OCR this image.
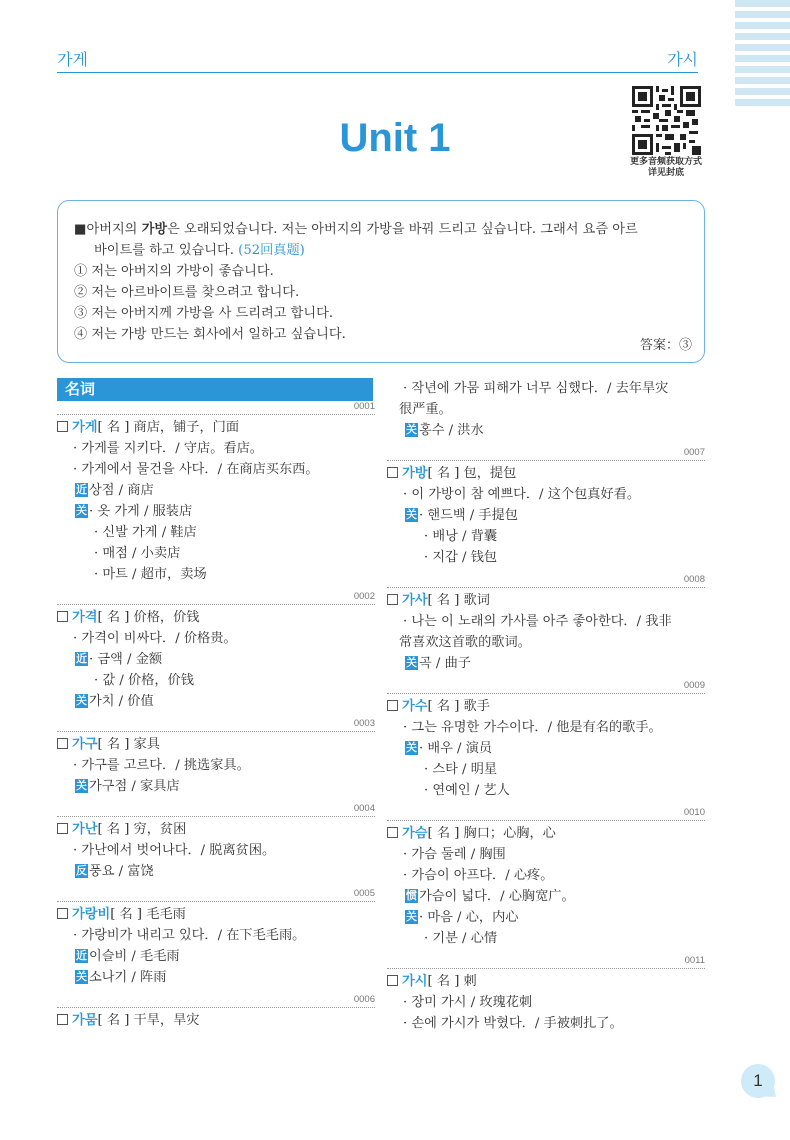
가게	가시
Unit 1
更多音频获取方式
详见封底

■아버지의 가방은 오래되었습니다. 저는 아버지의 가방을 바꿔 드리고 싶습니다. 그래서 요즘 아르

바이트를 하고 있습니다. (52回真题)

① 저는 아버지의 가방이 좋습니다.

② 저는 아르바이트를 찾으려고 합니다.

③ 저는 아버지께 가방을 사 드리려고 합니다.

④ 저는 가방 만드는 회사에서 일하고 싶습니다.

答案：③
名词
0001
가게[ 名 ] 商店，铺子，门面
· 가게를 지키다．/ 守店。看店。
· 가게에서 물건을 사다．/ 在商店买东西。
近 상점 / 商店
关 · 옷 가게 / 服装店
· 신발 가게 / 鞋店
· 매점 / 小卖店
· 마트 / 超市，卖场
0002
가격[ 名 ] 价格，价钱
· 가격이 비싸다．/ 价格贵。
近 · 금액 / 金额
· 값 / 价格，价钱
关 가치 / 价值
0003
가구[ 名 ] 家具
· 가구를 고르다．/ 挑选家具。
关 가구점 / 家具店
0004
가난[ 名 ] 穷，贫困
· 가난에서 벗어나다．/ 脱离贫困。
反 풍요 / 富饶
0005
가랑비[ 名 ] 毛毛雨
· 가랑비가 내리고 있다．/ 在下毛毛雨。
近 이슬비 / 毛毛雨
关 소나기 / 阵雨
0006
가뭄[ 名 ] 干旱，旱灾
· 작년에 가뭄 피해가 너무 심했다．/ 去年旱灾
很严重。
关 홍수 / 洪水
0007
가방[ 名 ] 包，提包
· 이 가방이 참 예쁘다．/ 这个包真好看。
关 · 핸드백 / 手提包
· 배낭 / 背囊
· 지갑 / 钱包
0008
가사[ 名 ] 歌词
· 나는 이 노래의 가사를 아주 좋아한다．/ 我非
常喜欢这首歌的歌词。
关 곡 / 曲子
0009
가수[ 名 ] 歌手
· 그는 유명한 가수이다．/ 他是有名的歌手。
关 · 배우 / 演员
· 스타 / 明星
· 연예인 / 艺人
0010
가슴[ 名 ] 胸口；心胸，心
· 가슴 둘레 / 胸围
· 가슴이 아프다．/ 心疼。
惯 가슴이 넓다．/ 心胸宽广。
关 · 마음 / 心，内心
· 기분 / 心情
0011
가시[ 名 ] 刺
· 장미 가시 / 玫瑰花刺
· 손에 가시가 박혔다．/ 手被刺扎了。
1
